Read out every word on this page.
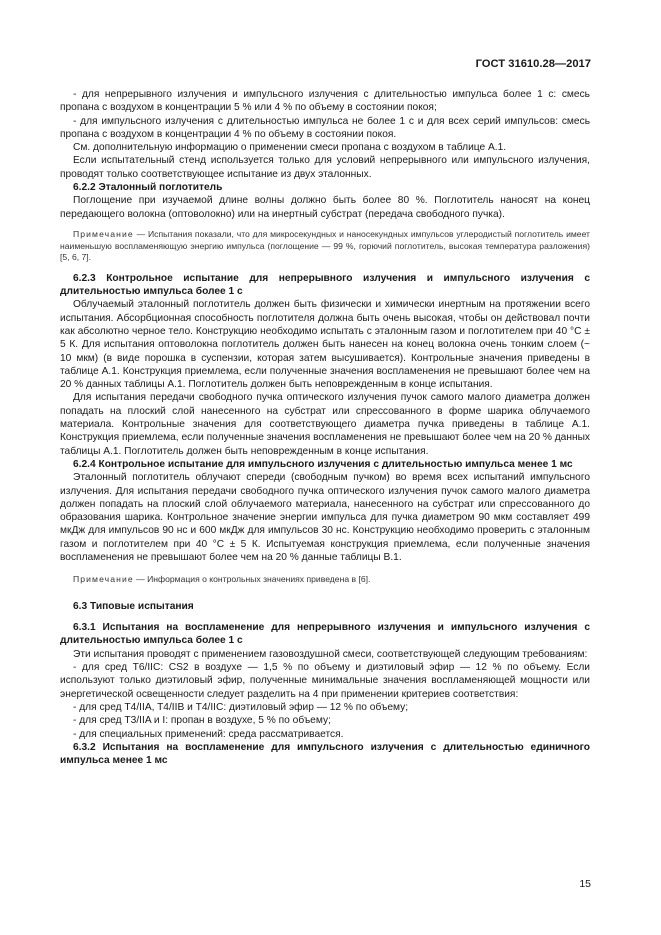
ГОСТ 31610.28—2017

- для непрерывного излучения и импульсного излучения с длительностью импульса более 1 с: смесь пропана с воздухом в концентрации 5 % или 4 % по объему в состоянии покоя;

- для импульсного излучения с длительностью импульса не более 1 с и для всех серий импульсов: смесь пропана с воздухом в концентрации 4 % по объему в состоянии покоя.

См. дополнительную информацию о применении смеси пропана с воздухом в таблице А.1.

Если испытательный стенд используется только для условий непрерывного или импульсного излучения, проводят только соответствующее испытание из двух эталонных.

6.2.2 Эталонный поглотитель

Поглощение при изучаемой длине волны должно быть более 80 %. Поглотитель наносят на конец передающего волокна (оптоволокно) или на инертный субстрат (передача свободного пучка).

Примечание — Испытания показали, что для микросекундных и наносекундных импульсов углеродистый поглотитель имеет наименьшую воспламеняющую энергию импульса (поглощение — 99 %, горючий поглотитель, высокая температура разложения) [5, 6, 7].

6.2.3 Контрольное испытание для непрерывного излучения и импульсного излучения с длительностью импульса более 1 с

Облучаемый эталонный поглотитель должен быть физически и химически инертным на протяжении всего испытания. Абсорбционная способность поглотителя должна быть очень высокая, чтобы он действовал почти как абсолютно черное тело. Конструкцию необходимо испытать с эталонным газом и поглотителем при 40 °С ± 5 К. Для испытания оптоволокна поглотитель должен быть нанесен на конец волокна очень тонким слоем (~ 10 мкм) (в виде порошка в суспензии, которая затем высушивается). Контрольные значения приведены в таблице А.1. Конструкция приемлема, если полученные значения воспламенения не превышают более чем на 20 % данных таблицы А.1. Поглотитель должен быть неповрежденным в конце испытания.

Для испытания передачи свободного пучка оптического излучения пучок самого малого диаметра должен попадать на плоский слой нанесенного на субстрат или спрессованного в форме шарика облучаемого материала. Контрольные значения для соответствующего диаметра пучка приведены в таблице А.1. Конструкция приемлема, если полученные значения воспламенения не превышают более чем на 20 % данных таблицы А.1. Поглотитель должен быть неповрежденным в конце испытания.

6.2.4 Контрольное испытание для импульсного излучения с длительностью импульса менее 1 мс

Эталонный поглотитель облучают спереди (свободным пучком) во время всех испытаний импульсного излучения. Для испытания передачи свободного пучка оптического излучения пучок самого малого диаметра должен попадать на плоский слой облучаемого материала, нанесенного на субстрат или спрессованного до образования шарика. Контрольное значение энергии импульса для пучка диаметром 90 мкм составляет 499 мкДж для импульсов 90 нс и 600 мкДж для импульсов 30 нс. Конструкцию необходимо проверить с эталонным газом и поглотителем при 40 °С ± 5 К. Испытуемая конструкция приемлема, если полученные значения воспламенения не превышают более чем на 20 % данные таблицы В.1.

Примечание — Информация о контрольных значениях приведена в [6].

6.3 Типовые испытания

6.3.1 Испытания на воспламенение для непрерывного излучения и импульсного излучения с длительностью импульса более 1 с

Эти испытания проводят с применением газовоздушной смеси, соответствующей следующим требованиям:

- для сред Т6/IIC: CS2 в воздухе — 1,5 % по объему и диэтиловый эфир — 12 % по объему. Если используют только диэтиловый эфир, полученные минимальные значения воспламеняющей мощности или энергетической освещенности следует разделить на 4 при применении критериев соответствия:

- для сред T4/IIA, T4/IIB и T4/IIC: диэтиловый эфир — 12 % по объему;

- для сред Т3/IIA и I: пропан в воздухе, 5 % по объему;

- для специальных применений: среда рассматривается.

6.3.2 Испытания на воспламенение для импульсного излучения с длительностью единичного импульса менее 1 мс

15
